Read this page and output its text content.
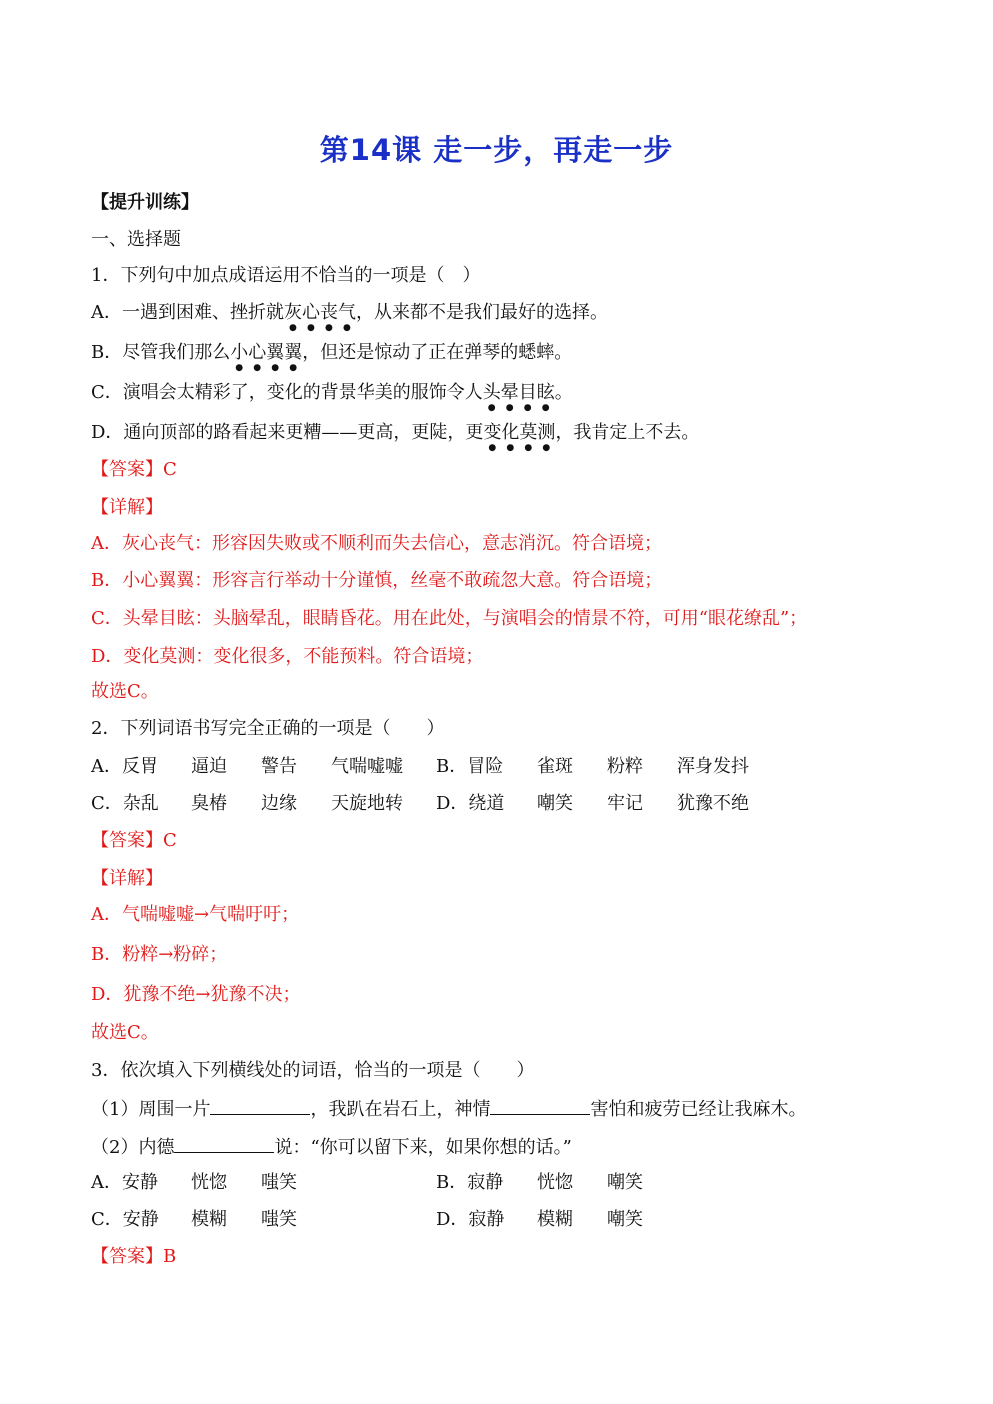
第14课 走一步，再走一步
【提升训练】
一、选择题
1．下列句中加点成语运用不恰当的一项是（　）
A．一遇到困难、挫折就灰心丧气，从来都不是我们最好的选择。
B．尽管我们那么小心翼翼，但还是惊动了正在弹琴的蟋蟀。
C．演唱会太精彩了，变化的背景华美的服饰令人头晕目眩。
D．通向顶部的路看起来更糟——更高，更陡，更变化莫测，我肯定上不去。
【答案】C
【详解】
A．灰心丧气：形容因失败或不顺利而失去信心，意志消沉。符合语境；
B．小心翼翼：形容言行举动十分谨慎，丝毫不敢疏忽大意。符合语境；
C．头晕目眩：头脑晕乱，眼睛昏花。用在此处，与演唱会的情景不符，可用“眼花缭乱”；
D．变化莫测：变化很多，不能预料。符合语境；
故选C。
2．下列词语书写完全正确的一项是（　　）
A．反胃 逼迫 警告 气喘嘘嘘 B．冒险 雀斑 粉粹 浑身发抖
C．杂乱 臭椿 边缘 天旋地转 D．绕道 嘲笑 牢记 犹豫不绝
【答案】C
【详解】
A．气喘嘘嘘→气喘吁吁；
B．粉粹→粉碎；
D．犹豫不绝→犹豫不决；
故选C。
3．依次填入下列横线处的词语，恰当的一项是（　　）
（1）周围一片	，我趴在岩石上，神情	害怕和疲劳已经让我麻木。
（2）内德	说：“你可以留下来，如果你想的话。”
A．安静 恍惚 嗤笑	B．寂静 恍惚 嘲笑
C．安静 模糊 嗤笑	D．寂静 模糊 嘲笑
【答案】B
